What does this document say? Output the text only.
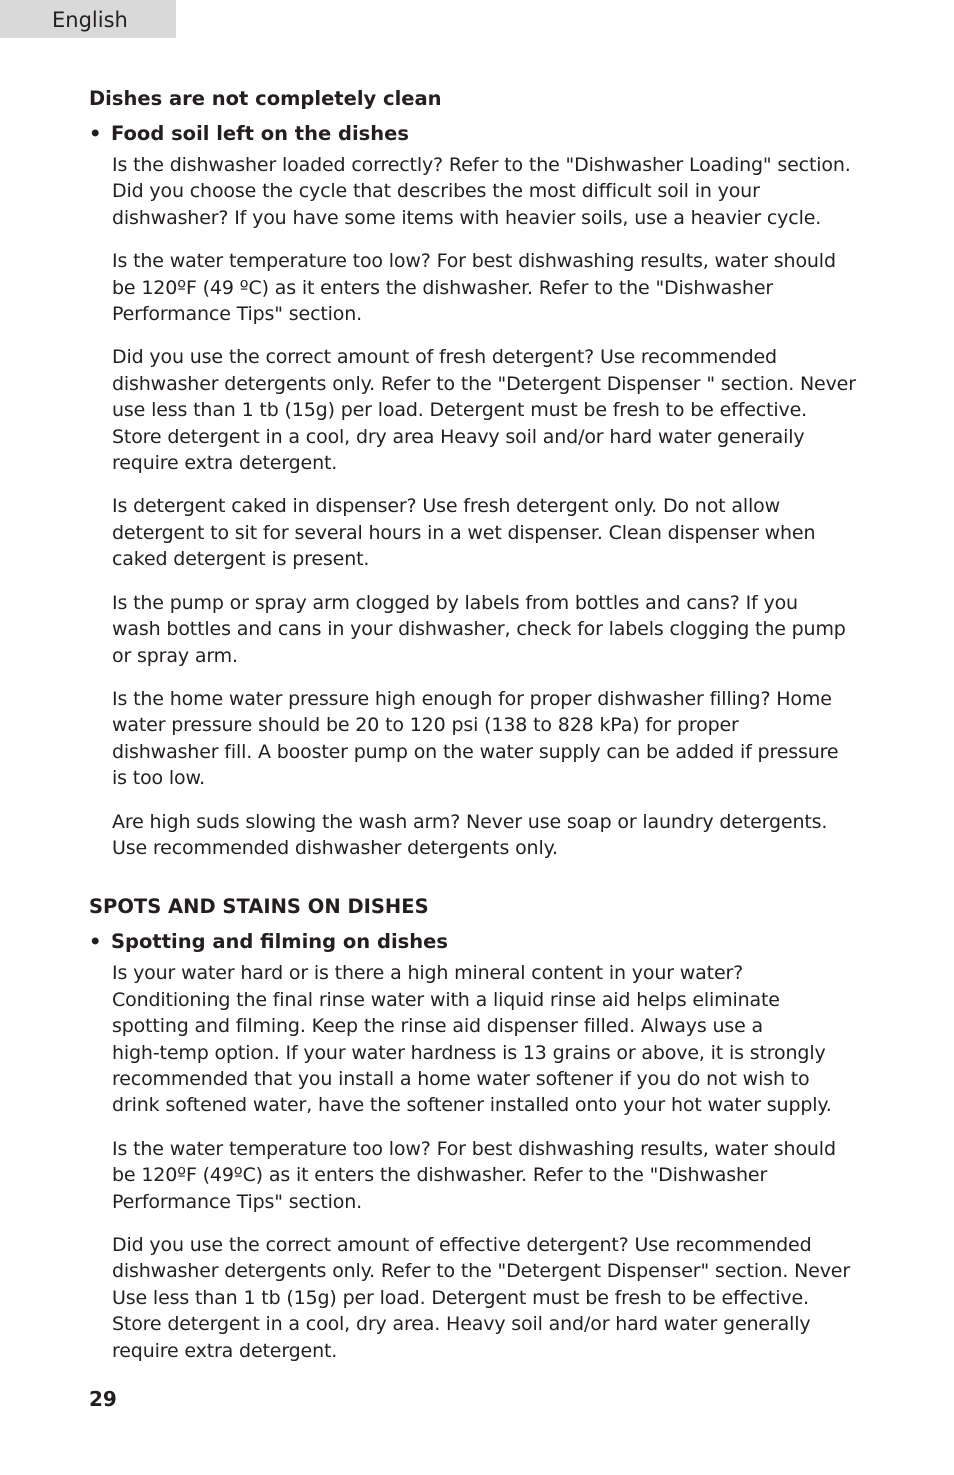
English
Dishes are not completely clean
• Food soil left on the dishes

Is the dishwasher loaded correctly? Refer to the "Dishwasher Loading" section.
Did you choose the cycle that describes the most difficult soil in your
dishwasher? If you have some items with heavier soils, use a heavier cycle.

Is the water temperature too low? For best dishwashing results, water should
be 120ºF (49 ºC) as it enters the dishwasher. Refer to the "Dishwasher
Performance Tips" section.

Did you use the correct amount of fresh detergent? Use recommended
dishwasher detergents only. Refer to the "Detergent Dispenser " section. Never
use less than 1 tb (15g) per load. Detergent must be fresh to be effective.
Store detergent in a cool, dry area Heavy soil and/or hard water generaily
require extra detergent.

Is detergent caked in dispenser? Use fresh detergent only. Do not allow
detergent to sit for several hours in a wet dispenser. Clean dispenser when
caked detergent is present.

Is the pump or spray arm clogged by labels from bottles and cans? If you
wash bottles and cans in your dishwasher, check for labels clogging the pump
or spray arm.

Is the home water pressure high enough for proper dishwasher filling? Home
water pressure should be 20 to 120 psi (138 to 828 kPa) for proper
dishwasher fill. A booster pump on the water supply can be added if pressure
is too low.

Are high suds slowing the wash arm? Never use soap or laundry detergents.
Use recommended dishwasher detergents only.

SPOTS AND STAINS ON DISHES
• Spotting and filming on dishes

Is your water hard or is there a high mineral content in your water?
Conditioning the final rinse water with a liquid rinse aid helps eliminate
spotting and filming. Keep the rinse aid dispenser filled. Always use a
high-temp option. If your water hardness is 13 grains or above, it is strongly
recommended that you install a home water softener if you do not wish to
drink softened water, have the softener installed onto your hot water supply.

Is the water temperature too low? For best dishwashing results, water should
be 120ºF (49ºC) as it enters the dishwasher. Refer to the "Dishwasher
Performance Tips" section.

Did you use the correct amount of effective detergent? Use recommended
dishwasher detergents only. Refer to the "Detergent Dispenser" section. Never
Use less than 1 tb (15g) per load. Detergent must be fresh to be effective.
Store detergent in a cool, dry area. Heavy soil and/or hard water generally
require extra detergent.

29
